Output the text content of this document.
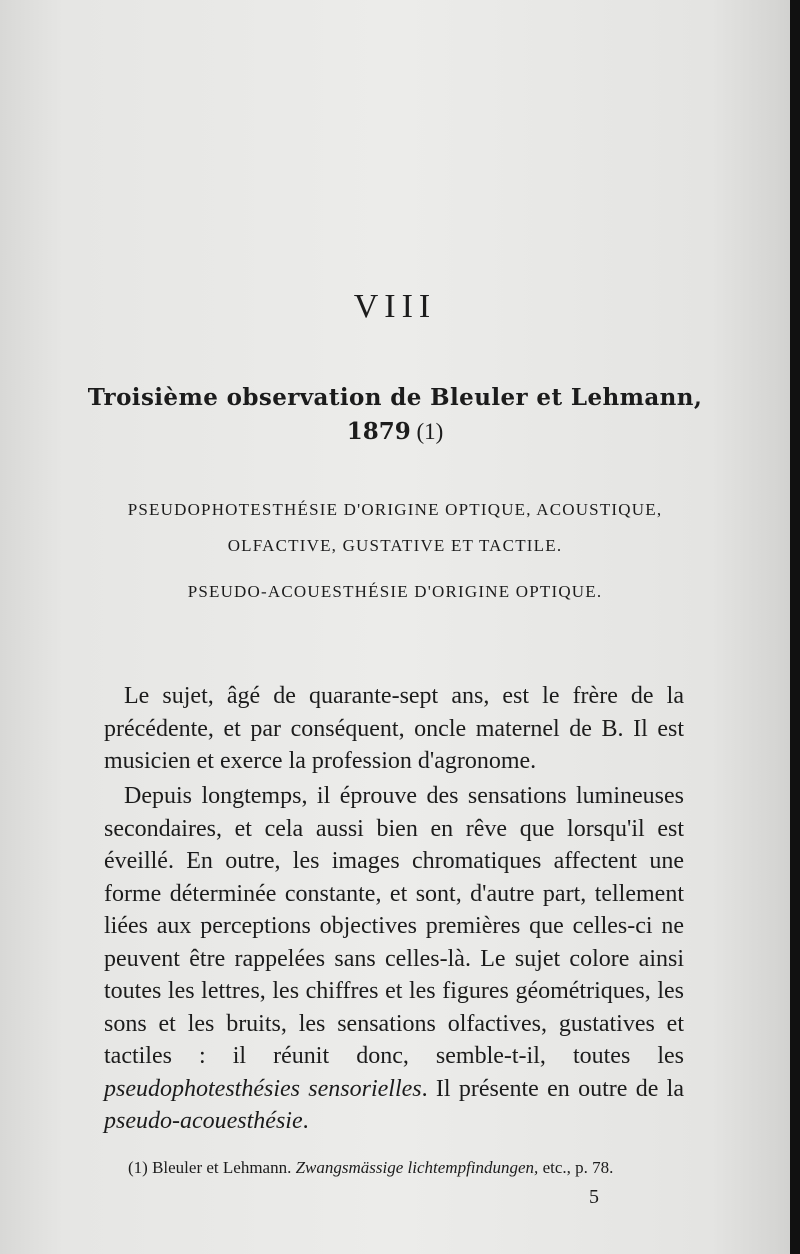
VIII
Troisième observation de Bleuler et Lehmann,
1879 (1)
PSEUDOPHOTESTHÉSIE D'ORIGINE OPTIQUE, ACOUSTIQUE,
OLFACTIVE, GUSTATIVE ET TACTILE.
PSEUDO-ACOUESTHÉSIE D'ORIGINE OPTIQUE.

Le sujet, âgé de quarante-sept ans, est le frère de la précédente, et par conséquent, oncle maternel de B. Il est musicien et exerce la profession d'agronome.

Depuis longtemps, il éprouve des sensations lumineuses secondaires, et cela aussi bien en rêve que lorsqu'il est éveillé. En outre, les images chromatiques affectent une forme déterminée constante, et sont, d'autre part, tellement liées aux perceptions objectives premières que celles-ci ne peuvent être rappelées sans celles-là. Le sujet colore ainsi toutes les lettres, les chiffres et les figures géométriques, les sons et les bruits, les sensations olfactives, gustatives et tactiles : il réunit donc, semble-t-il, toutes les pseudophotesthésies sensorielles. Il présente en outre de la pseudo-acouesthésie.

(1) Bleuler et Lehmann. Zwangsmässige lichtempfindungen, etc., p. 78.
5
